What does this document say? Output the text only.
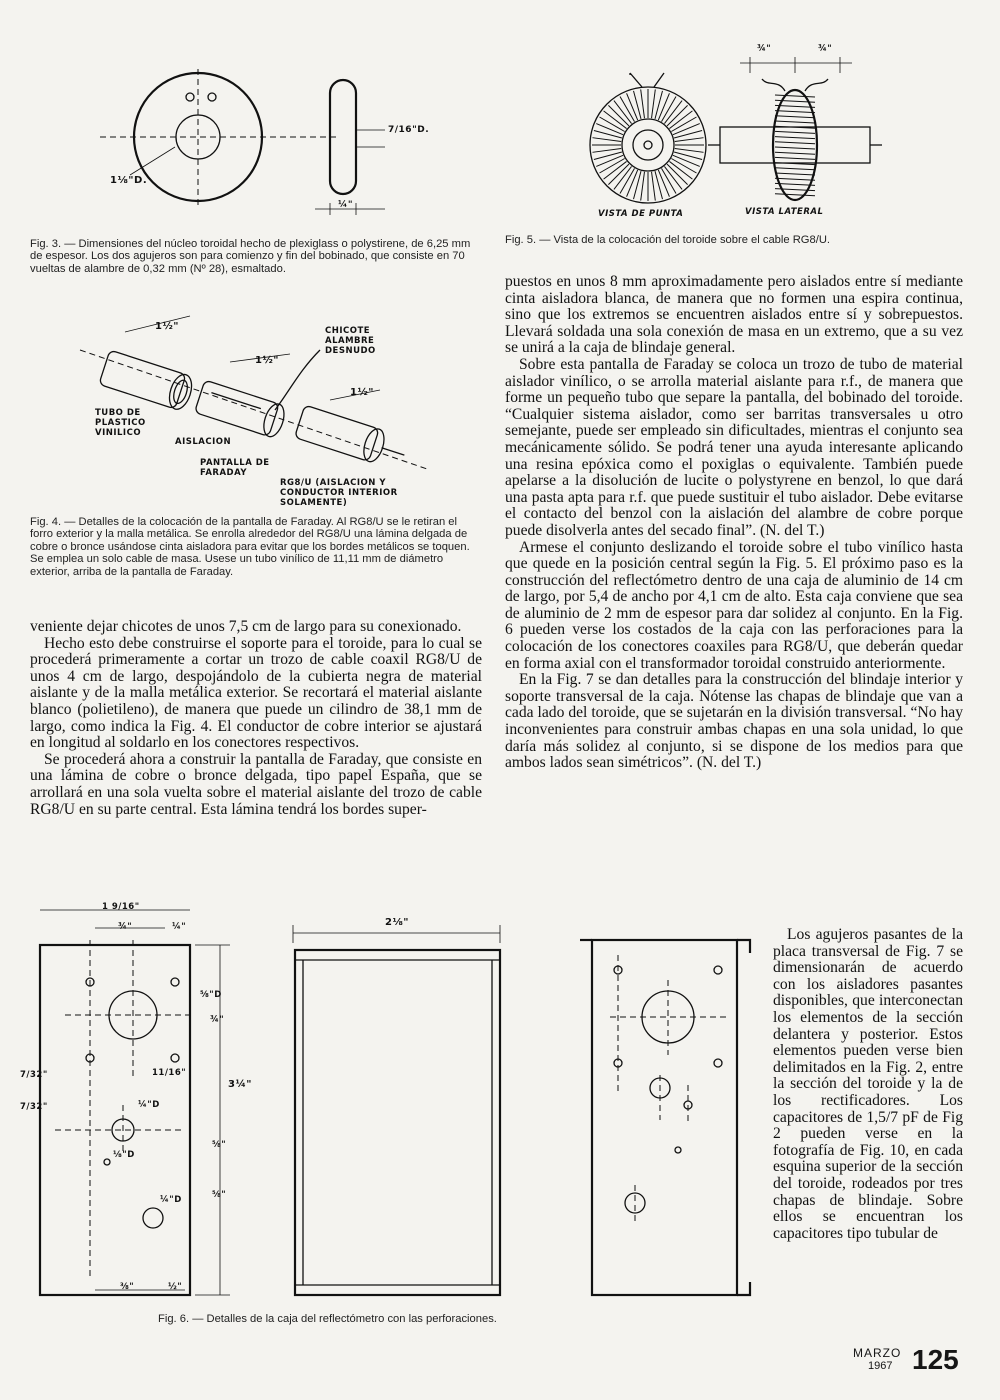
1⅛"D.
7/16"D.
¼"
Fig. 3. — Dimensiones del núcleo toroidal hecho de plexiglass o polystirene, de 6,25 mm de espesor. Los dos agujeros son para comienzo y fin del bobinado, que consiste en 70 vueltas de alambre de 0,32 mm (Nº 28), esmaltado.
¾"	¾"
VISTA DE PUNTA	VISTA LATERAL
Fig. 5. — Vista de la colocación del toroide sobre el cable RG8/U.
1½"
1½"
1½"
CHICOTE ALAMBRE DESNUDO
TUBO DE PLASTICO VINILICO
AISLACION
PANTALLA DE FARADAY
RG8/U (AISLACION Y CONDUCTOR INTERIOR SOLAMENTE)
Fig. 4. — Detalles de la colocación de la pantalla de Faraday. Al RG8/U se le retiran el forro exterior y la malla metálica. Se enrolla alrededor del RG8/U una lámina delgada de cobre o bronce usándose cinta aisladora para evitar que los bordes metálicos se toquen. Se emplea un solo cable de masa. Usese un tubo vinílico de 11,11 mm de diámetro exterior, arriba de la pantalla de Faraday.

veniente dejar chicotes de unos 7,5 cm de largo para su conexionado.

Hecho esto debe construirse el soporte para el toroide, para lo cual se procederá primeramente a cortar un trozo de cable coaxil RG8/U de unos 4 cm de largo, despojándolo de la cubierta negra de material aislante y de la malla metálica exterior. Se recortará el material aislante blanco (polietileno), de manera que puede un cilindro de 38,1 mm de largo, como indica la Fig. 4. El conductor de cobre interior se ajustará en longitud al soldarlo en los conectores respectivos.

Se procederá ahora a construir la pantalla de Faraday, que consiste en una lámina de cobre o bronce delgada, tipo papel España, que se arrollará en una sola vuelta sobre el material aislante del trozo de cable RG8/U en su parte central. Esta lámina tendrá los bordes super-

puestos en unos 8 mm aproximadamente pero aislados entre sí mediante cinta aisladora blanca, de manera que no formen una espira continua, sino que los extremos se encuentren aislados entre sí y sobrepuestos. Llevará soldada una sola conexión de masa en un extremo, que a su vez se unirá a la caja de blindaje general.

Sobre esta pantalla de Faraday se coloca un trozo de tubo de material aislador vinílico, o se arrolla material aislante para r.f., de manera que forme un pequeño tubo que separe la pantalla, del bobinado del toroide. “Cualquier sistema aislador, como ser barritas transversales u otro semejante, puede ser empleado sin dificultades, mientras el conjunto sea mecánicamente sólido. Se podrá tener una ayuda interesante aplicando una resina epóxica como el poxiglas o equivalente. También puede apelarse a la disolución de lucite o polystyrene en benzol, lo que dará una pasta apta para r.f. que puede sustituir el tubo aislador. Debe evitarse el contacto del benzol con la aislación del alambre de cobre porque puede disolverla antes del secado final”. (N. del T.)

Armese el conjunto deslizando el toroide sobre el tubo vinílico hasta que quede en la posición central según la Fig. 5. El próximo paso es la construcción del reflectómetro dentro de una caja de aluminio de 14 cm de largo, por 5,4 de ancho por 4,1 cm de alto. Esta caja conviene que sea de aluminio de 2 mm de espesor para dar solidez al conjunto. En la Fig. 6 pueden verse los costados de la caja con las perforaciones para la colocación de los conectores coaxiles para RG8/U, que deberán quedar en forma axial con el transformador toroidal construido anteriormente.

En la Fig. 7 se dan detalles para la construcción del blindaje interior y soporte transversal de la caja. Nótense las chapas de blindaje que van a cada lado del toroide, que se sujetarán en la división transversal. “No hay inconvenientes para construir ambas chapas en una sola unidad, lo que daría más solidez al conjunto, si se dispone de los medios para que ambos lados sean simétricos”. (N. del T.)

Los agujeros pasantes de la placa transversal de Fig. 7 se dimensionarán de acuerdo con los aisladores pasantes disponibles, que interconectan los elementos de la sección delantera y posterior. Estos elementos pueden verse bien delimitados en la Fig. 2, entre la sección del toroide y la de los rectificadores. Los capacitores de 1,5/7 pF de Fig 2 pueden verse en la fotografía de Fig. 10, en cada esquina superior de la sección del toroide, rodeados por tres chapas de blindaje. Sobre ellos se encuentran los capacitores tipo tubular de

1 9/16"
¾"	¼"
⅝"D
¾"
11/16"
3¼"
7/32"
7/32"	¼"D
⅛"D
¼"D
⅝"
⅝"
⅜"	½"
2⅛"
Fig. 6. — Detalles de la caja del reflectómetro con las perforaciones.
MARZO
1967 125
